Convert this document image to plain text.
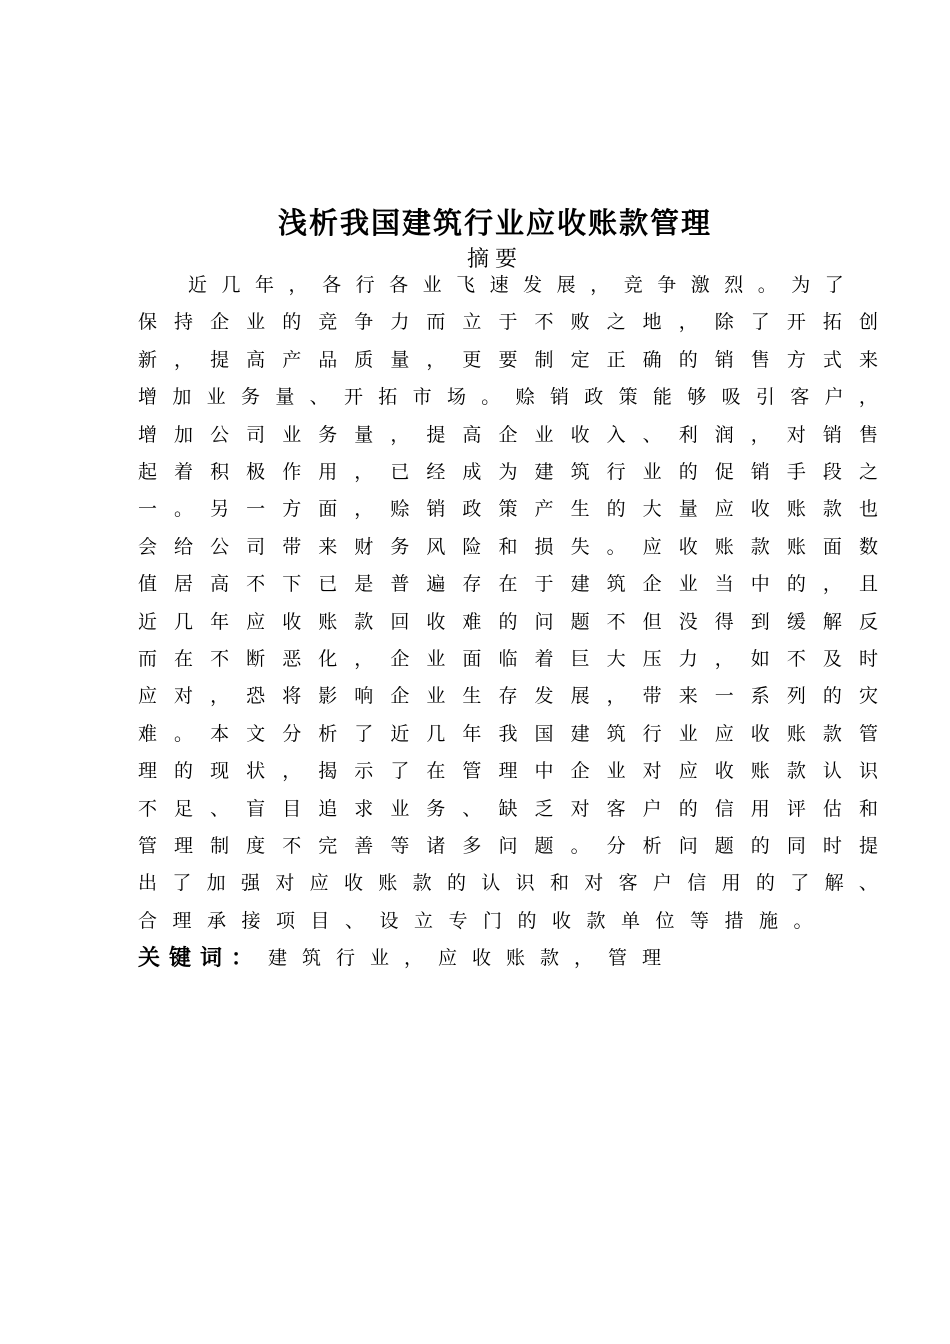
浅析我国建筑行业应收账款管理
摘要
近 几 年 ， 各 行 各 业 飞 速 发 展 ， 竞 争 激 烈 。 为 了
保 持 企 业 的 竞 争 力 而 立 于 不 败 之 地 ， 除 了 开 拓 创
新 ， 提 高 产 品 质 量 ， 更 要 制 定 正 确 的 销 售 方 式 来
增 加 业 务 量 、 开 拓 市 场 。 赊 销 政 策 能 够 吸 引 客 户 ，
增 加 公 司 业 务 量 ， 提 高 企 业 收 入 、 利 润 ， 对 销 售
起 着 积 极 作 用 ， 已 经 成 为 建 筑 行 业 的 促 销 手 段 之
一 。 另 一 方 面 ， 赊 销 政 策 产 生 的 大 量 应 收 账 款 也
会 给 公 司 带 来 财 务 风 险 和 损 失 。 应 收 账 款 账 面 数
值 居 高 不 下 已 是 普 遍 存 在 于 建 筑 企 业 当 中 的 ， 且
近 几 年 应 收 账 款 回 收 难 的 问 题 不 但 没 得 到 缓 解 反
而 在 不 断 恶 化 ， 企 业 面 临 着 巨 大 压 力 ， 如 不 及 时
应 对 ， 恐 将 影 响 企 业 生 存 发 展 ， 带 来 一 系 列 的 灾
难 。 本 文 分 析 了 近 几 年 我 国 建 筑 行 业 应 收 账 款 管
理 的 现 状 ， 揭 示 了 在 管 理 中 企 业 对 应 收 账 款 认 识
不 足 、 盲 目 追 求 业 务 、 缺 乏 对 客 户 的 信 用 评 估 和
管 理 制 度 不 完 善 等 诸 多 问 题 。 分 析 问 题 的 同 时 提
出 了 加 强 对 应 收 账 款 的 认 识 和 对 客 户 信 用 的 了 解 、
合理承接项目、设立专门的收款单位等措施。
关键词： 建筑行业，应收账款，管理
